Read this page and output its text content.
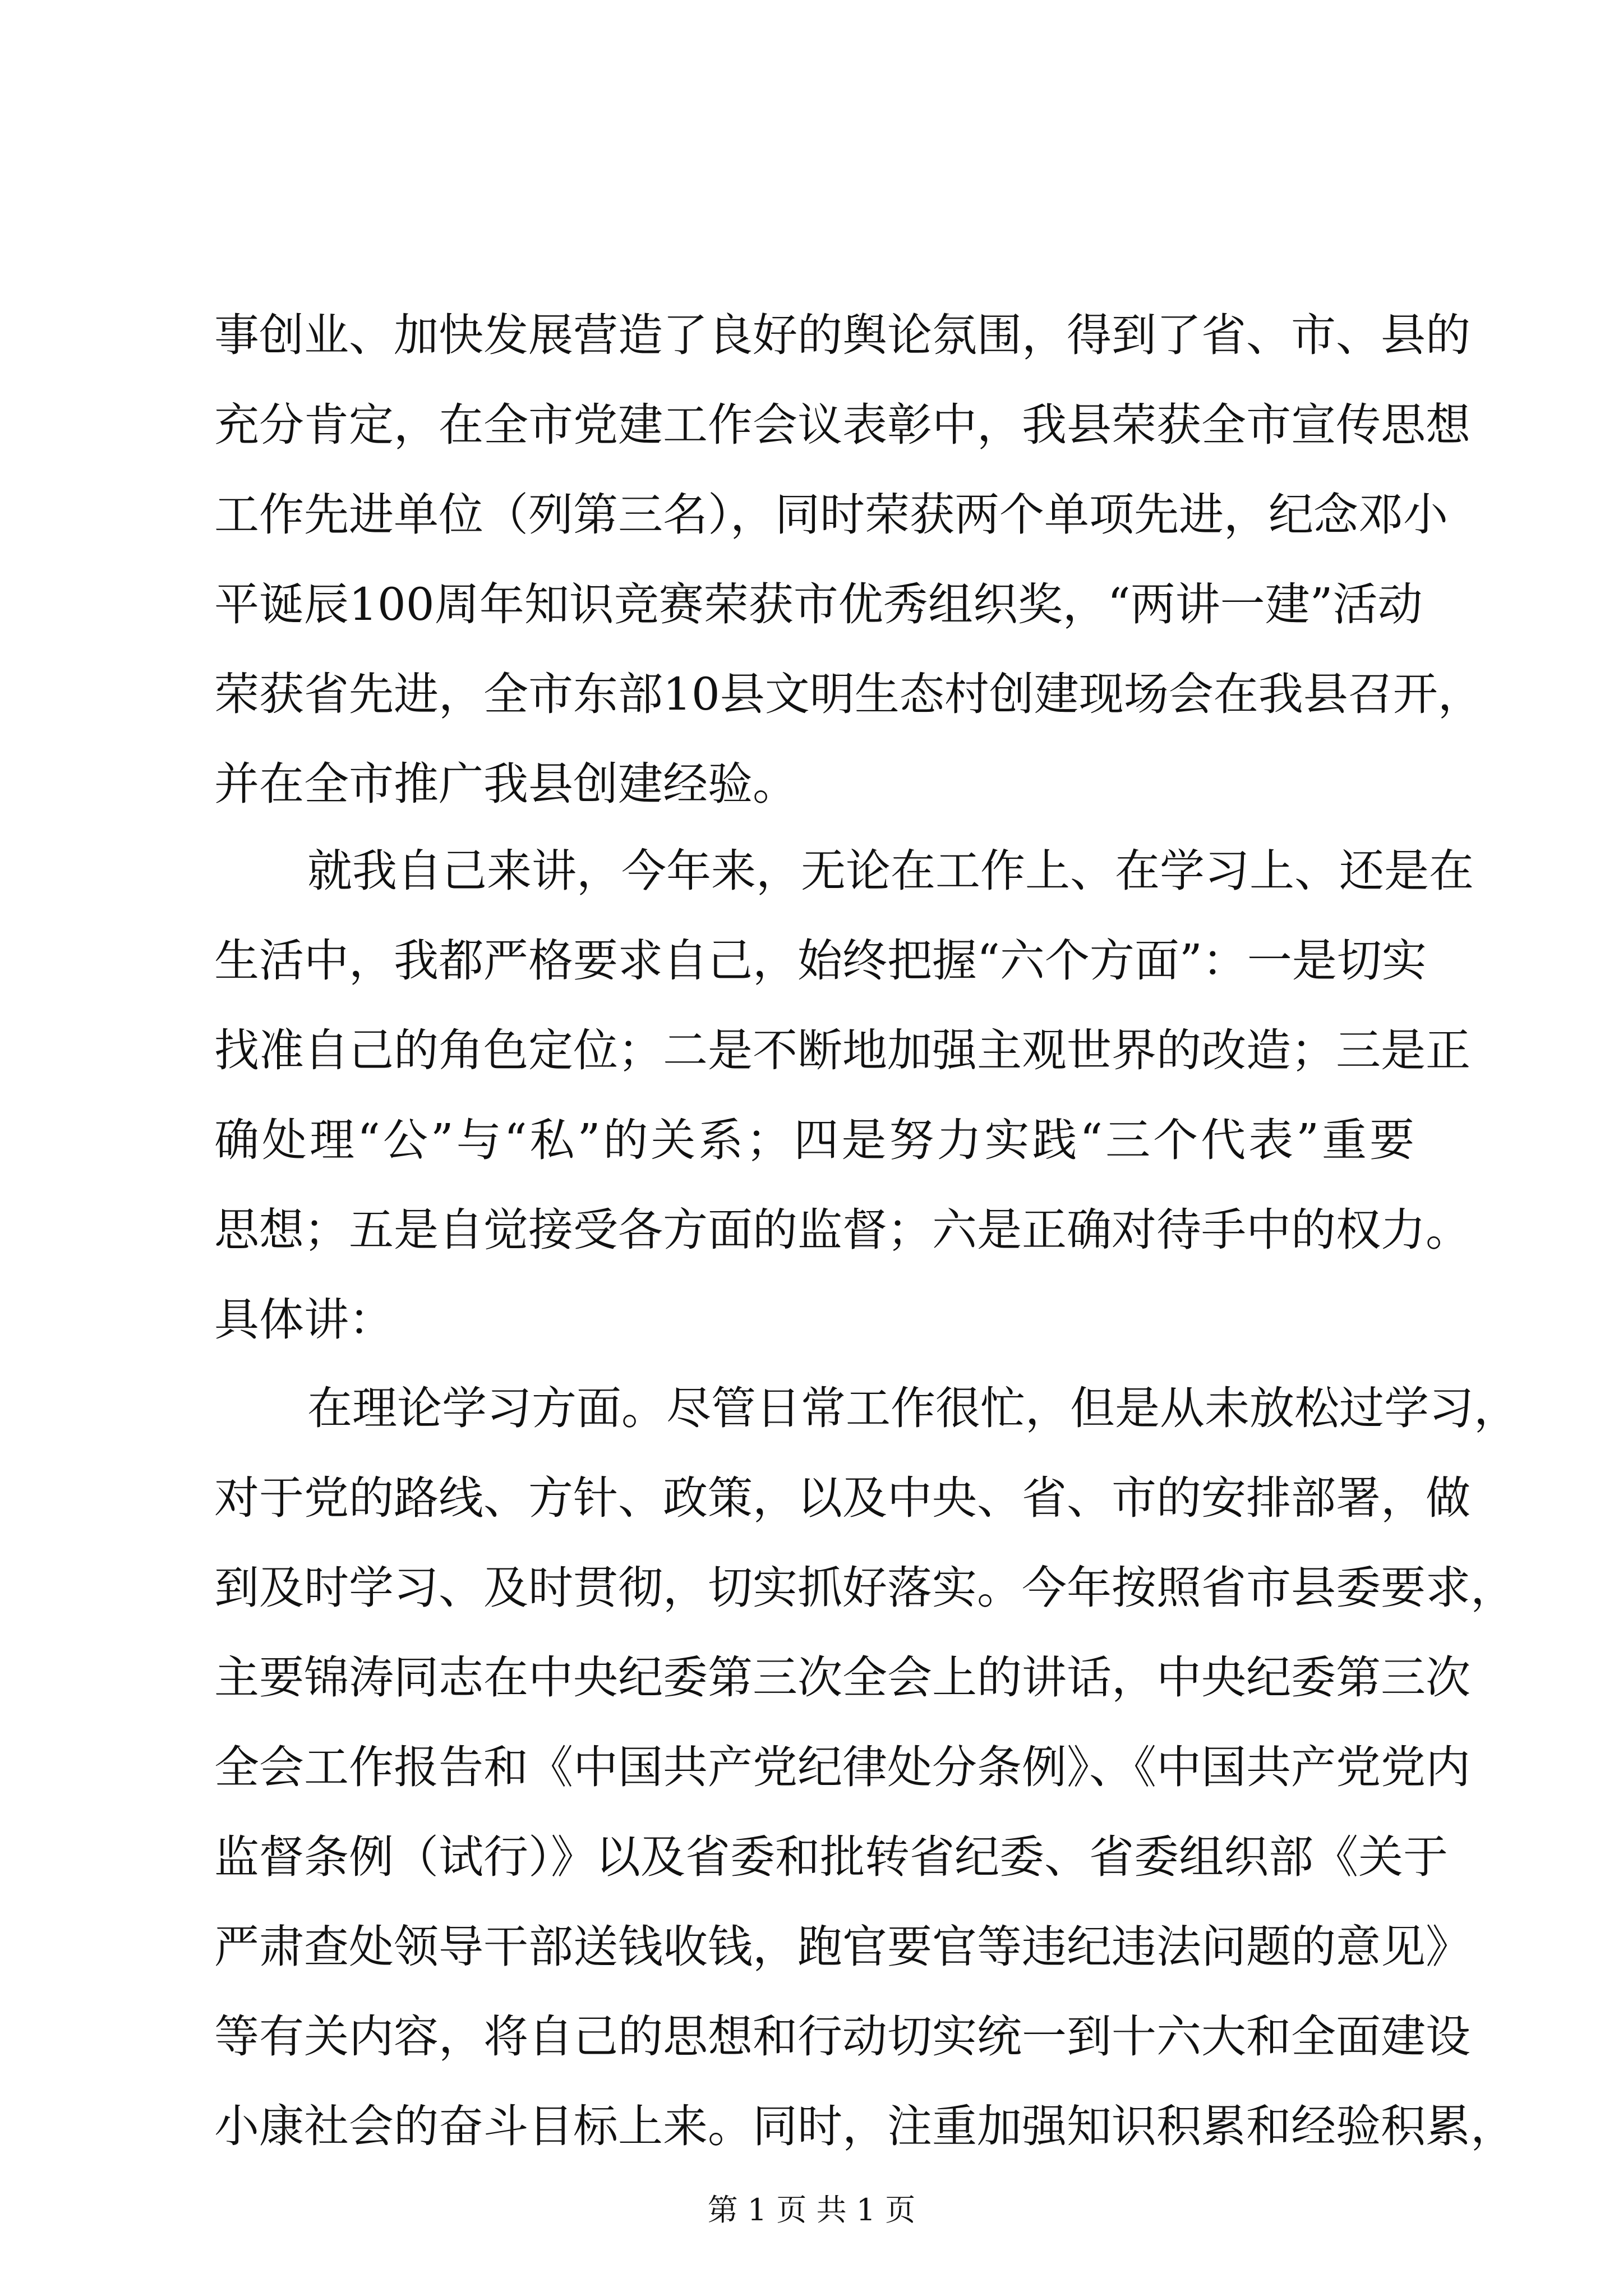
事创业、加快发展营造了良好的舆论氛围，得到了省、市、县的
充分肯定，在全市党建工作会议表彰中，我县荣获全市宣传思想
工作先进单位（列第三名），同时荣获两个单项先进，纪念邓小
平诞辰100周年知识竞赛荣获市优秀组织奖，“两讲一建”活动
荣获省先进，全市东部10县文明生态村创建现场会在我县召开，
并在全市推广我县创建经验。
就我自己来讲，今年来，无论在工作上、在学习上、还是在
生活中，我都严格要求自己，始终把握“六个方面”：一是切实
找准自己的角色定位；二是不断地加强主观世界的改造；三是正
确处理“公”与“私”的关系；四是努力实践“三个代表”重要
思想；五是自觉接受各方面的监督；六是正确对待手中的权力。
具体讲：
在理论学习方面。尽管日常工作很忙，但是从未放松过学习，
对于党的路线、方针、政策，以及中央、省、市的安排部署，做
到及时学习、及时贯彻，切实抓好落实。今年按照省市县委要求，
主要锦涛同志在中央纪委第三次全会上的讲话，中央纪委第三次
全会工作报告和《中国共产党纪律处分条例》、《中国共产党党内
监督条例（试行）》以及省委和批转省纪委、省委组织部《关于
严肃查处领导干部送钱收钱，跑官要官等违纪违法问题的意见》
等有关内容，将自己的思想和行动切实统一到十六大和全面建设
小康社会的奋斗目标上来。同时，注重加强知识积累和经验积累，
第 1 页 共 1 页
